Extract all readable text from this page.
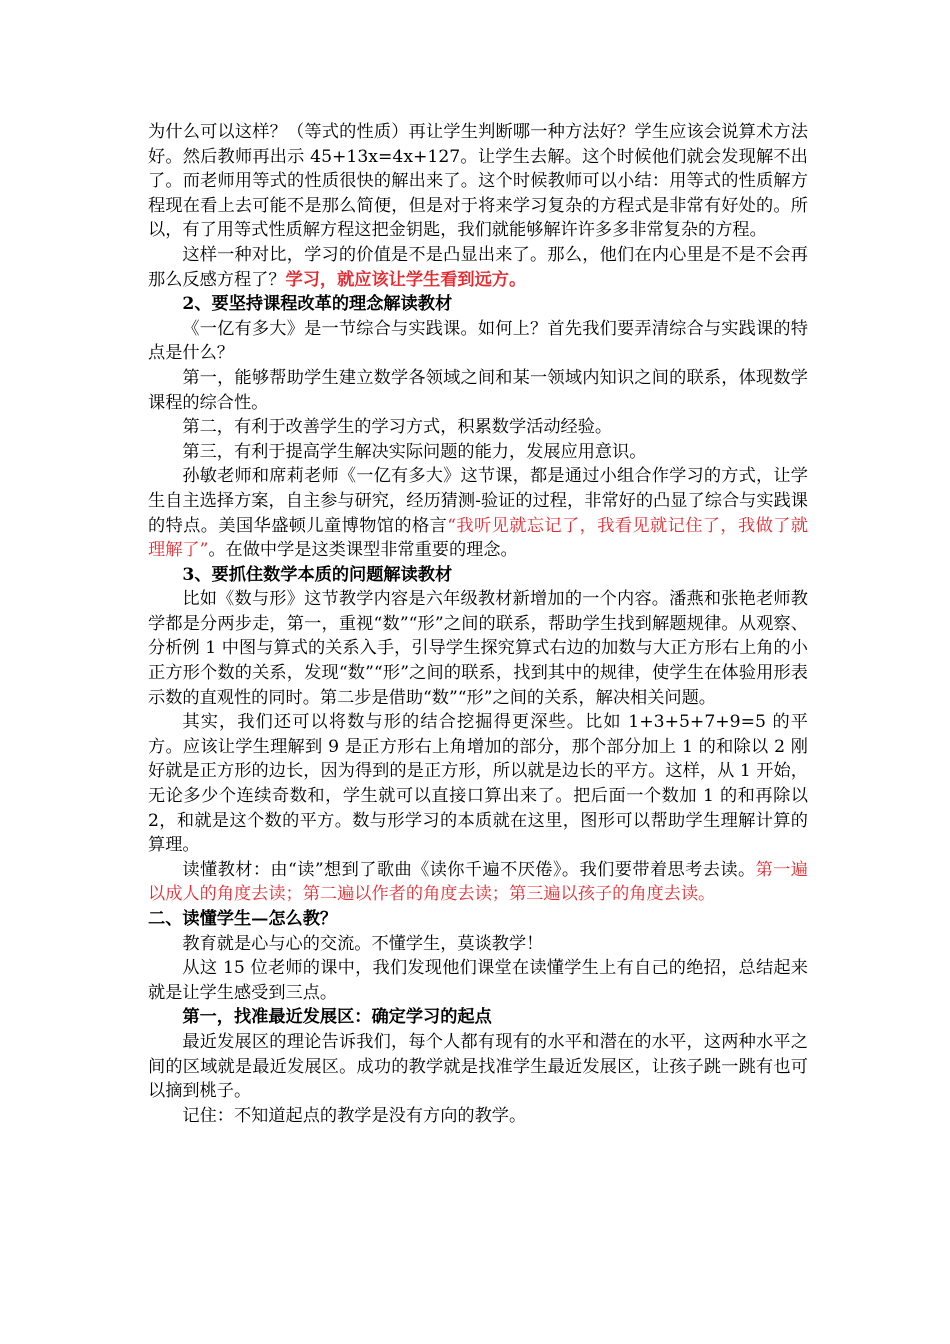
为什么可以这样？（等式的性质）再让学生判断哪一种方法好？学生应该会说算术方法好。然后教师再出示 45+13x=4x+127。让学生去解。这个时候他们就会发现解不出了。而老师用等式的性质很快的解出来了。这个时候教师可以小结：用等式的性质解方程现在看上去可能不是那么简便，但是对于将来学习复杂的方程式是非常有好处的。所以，有了用等式性质解方程这把金钥匙，我们就能够解许许多多非常复杂的方程。

这样一种对比，学习的价值是不是凸显出来了。那么，他们在内心里是不是不会再那么反感方程了？学习，就应该让学生看到远方。

2、要坚持课程改革的理念解读教材

《一亿有多大》是一节综合与实践课。如何上？首先我们要弄清综合与实践课的特点是什么？

第一，能够帮助学生建立数学各领域之间和某一领域内知识之间的联系，体现数学课程的综合性。

第二，有利于改善学生的学习方式，积累数学活动经验。

第三，有利于提高学生解决实际问题的能力，发展应用意识。

孙敏老师和席莉老师《一亿有多大》这节课，都是通过小组合作学习的方式，让学生自主选择方案，自主参与研究，经历猜测-验证的过程，非常好的凸显了综合与实践课的特点。美国华盛顿儿童博物馆的格言“我听见就忘记了，我看见就记住了，我做了就理解了”。在做中学是这类课型非常重要的理念。

3、要抓住数学本质的问题解读教材

比如《数与形》这节教学内容是六年级教材新增加的一个内容。潘燕和张艳老师教学都是分两步走，第一，重视“数”“形”之间的联系，帮助学生找到解题规律。从观察、分析例 1 中图与算式的关系入手，引导学生探究算式右边的加数与大正方形右上角的小正方形个数的关系，发现“数”“形”之间的联系，找到其中的规律，使学生在体验用形表示数的直观性的同时。第二步是借助“数”“形”之间的关系，解决相关问题。

其实，我们还可以将数与形的结合挖掘得更深些。比如 1+3+5+7+9=5 的平方。应该让学生理解到 9 是正方形右上角增加的部分，那个部分加上 1 的和除以 2 刚好就是正方形的边长，因为得到的是正方形，所以就是边长的平方。这样，从 1 开始，无论多少个连续奇数和，学生就可以直接口算出来了。把后面一个数加 1 的和再除以 2，和就是这个数的平方。数与形学习的本质就在这里，图形可以帮助学生理解计算的算理。

读懂教材：由“读”想到了歌曲《读你千遍不厌倦》。我们要带着思考去读。第一遍以成人的角度去读；第二遍以作者的角度去读；第三遍以孩子的角度去读。

二、读懂学生—怎么教？

教育就是心与心的交流。不懂学生，莫谈教学！

从这 15 位老师的课中，我们发现他们课堂在读懂学生上有自己的绝招，总结起来就是让学生感受到三点。

第一，找准最近发展区：确定学习的起点

最近发展区的理论告诉我们，每个人都有现有的水平和潜在的水平，这两种水平之间的区域就是最近发展区。成功的教学就是找准学生最近发展区，让孩子跳一跳有也可以摘到桃子。

记住：不知道起点的教学是没有方向的教学。
